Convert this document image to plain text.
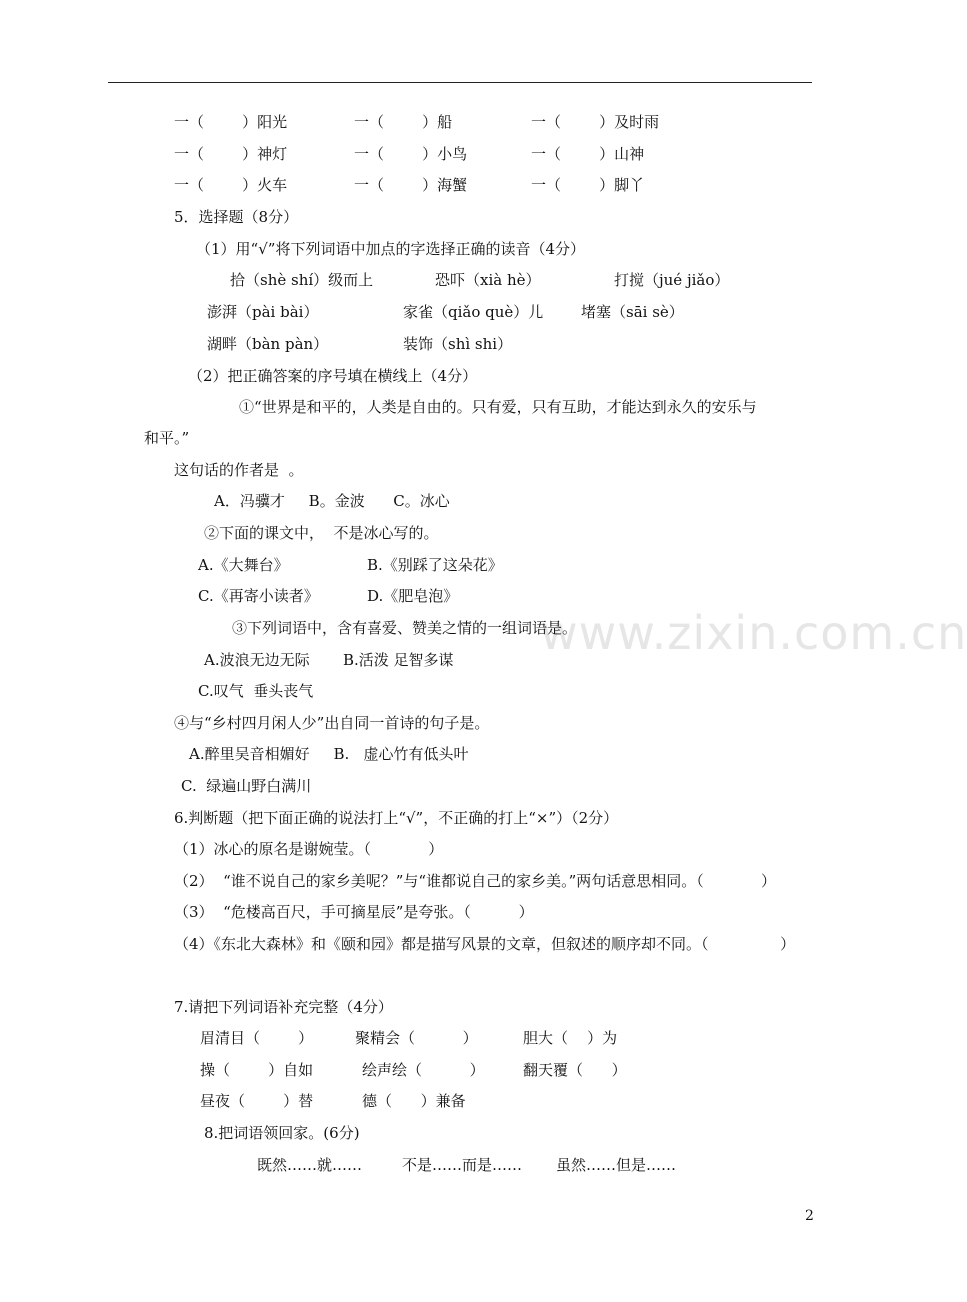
www.zixin.com.cn
一（        ）阳光	一（        ）船	一（        ）及时雨
一（        ）神灯	一（        ）小鸟	一（        ）山神
一（        ）火车	一（        ）海蟹	一（        ）脚丫
5．选择题（8分）
（1）用“√”将下列词语中加点的字选择正确的读音（4分）
拾（shè shí）级而上	恐吓（xià hè）	打搅（jué jiǎo）
澎湃（pài bài）	家雀（qiǎo què）儿	堵塞（sāi sè）
湖畔（bàn pàn）	装饰（shì shi）
（2）把正确答案的序号填在横线上（4分）
①“世界是和平的，人类是自由的。只有爱，只有互助，才能达到永久的安乐与
和平。”
这句话的作者是  。
A．冯骥才     B。金波      C。冰心
②下面的课文中，  不是冰心写的。
A.《大舞台》	B.《别踩了这朵花》
C.《再寄小读者》	D.《肥皂泡》
③下列词语中，含有喜爱、赞美之情的一组词语是。
A.波浪无边无际       B.活泼 足智多谋
C.叹气  垂头丧气
④与“乡村四月闲人少”出自同一首诗的句子是。
A.醉里吴音相媚好     B.   虚心竹有低头叶
C.  绿遍山野白满川
6.判断题（把下面正确的说法打上“√”，不正确的打上“×”）（2分）
（1）冰心的原名是谢婉莹。（            ）
（2）  “谁不说自己的家乡美呢？”与“谁都说自己的家乡美。”两句话意思相同。（            ）
（3）  “危楼高百尺，手可摘星辰”是夸张。（          ）
（4）《东北大森林》和《颐和园》都是描写风景的文章，但叙述的顺序却不同。（               ）
7.请把下列词语补充完整（4分）
眉清目（        ）	聚精会（          ）	胆大（    ）为
操（        ）自如	绘声绘（          ）	翻天覆（      ）
昼夜（        ）替	德（      ）兼备
8.把词语领回家。(6分)
既然……就……	不是……而是…… 虽然……但是……
2
